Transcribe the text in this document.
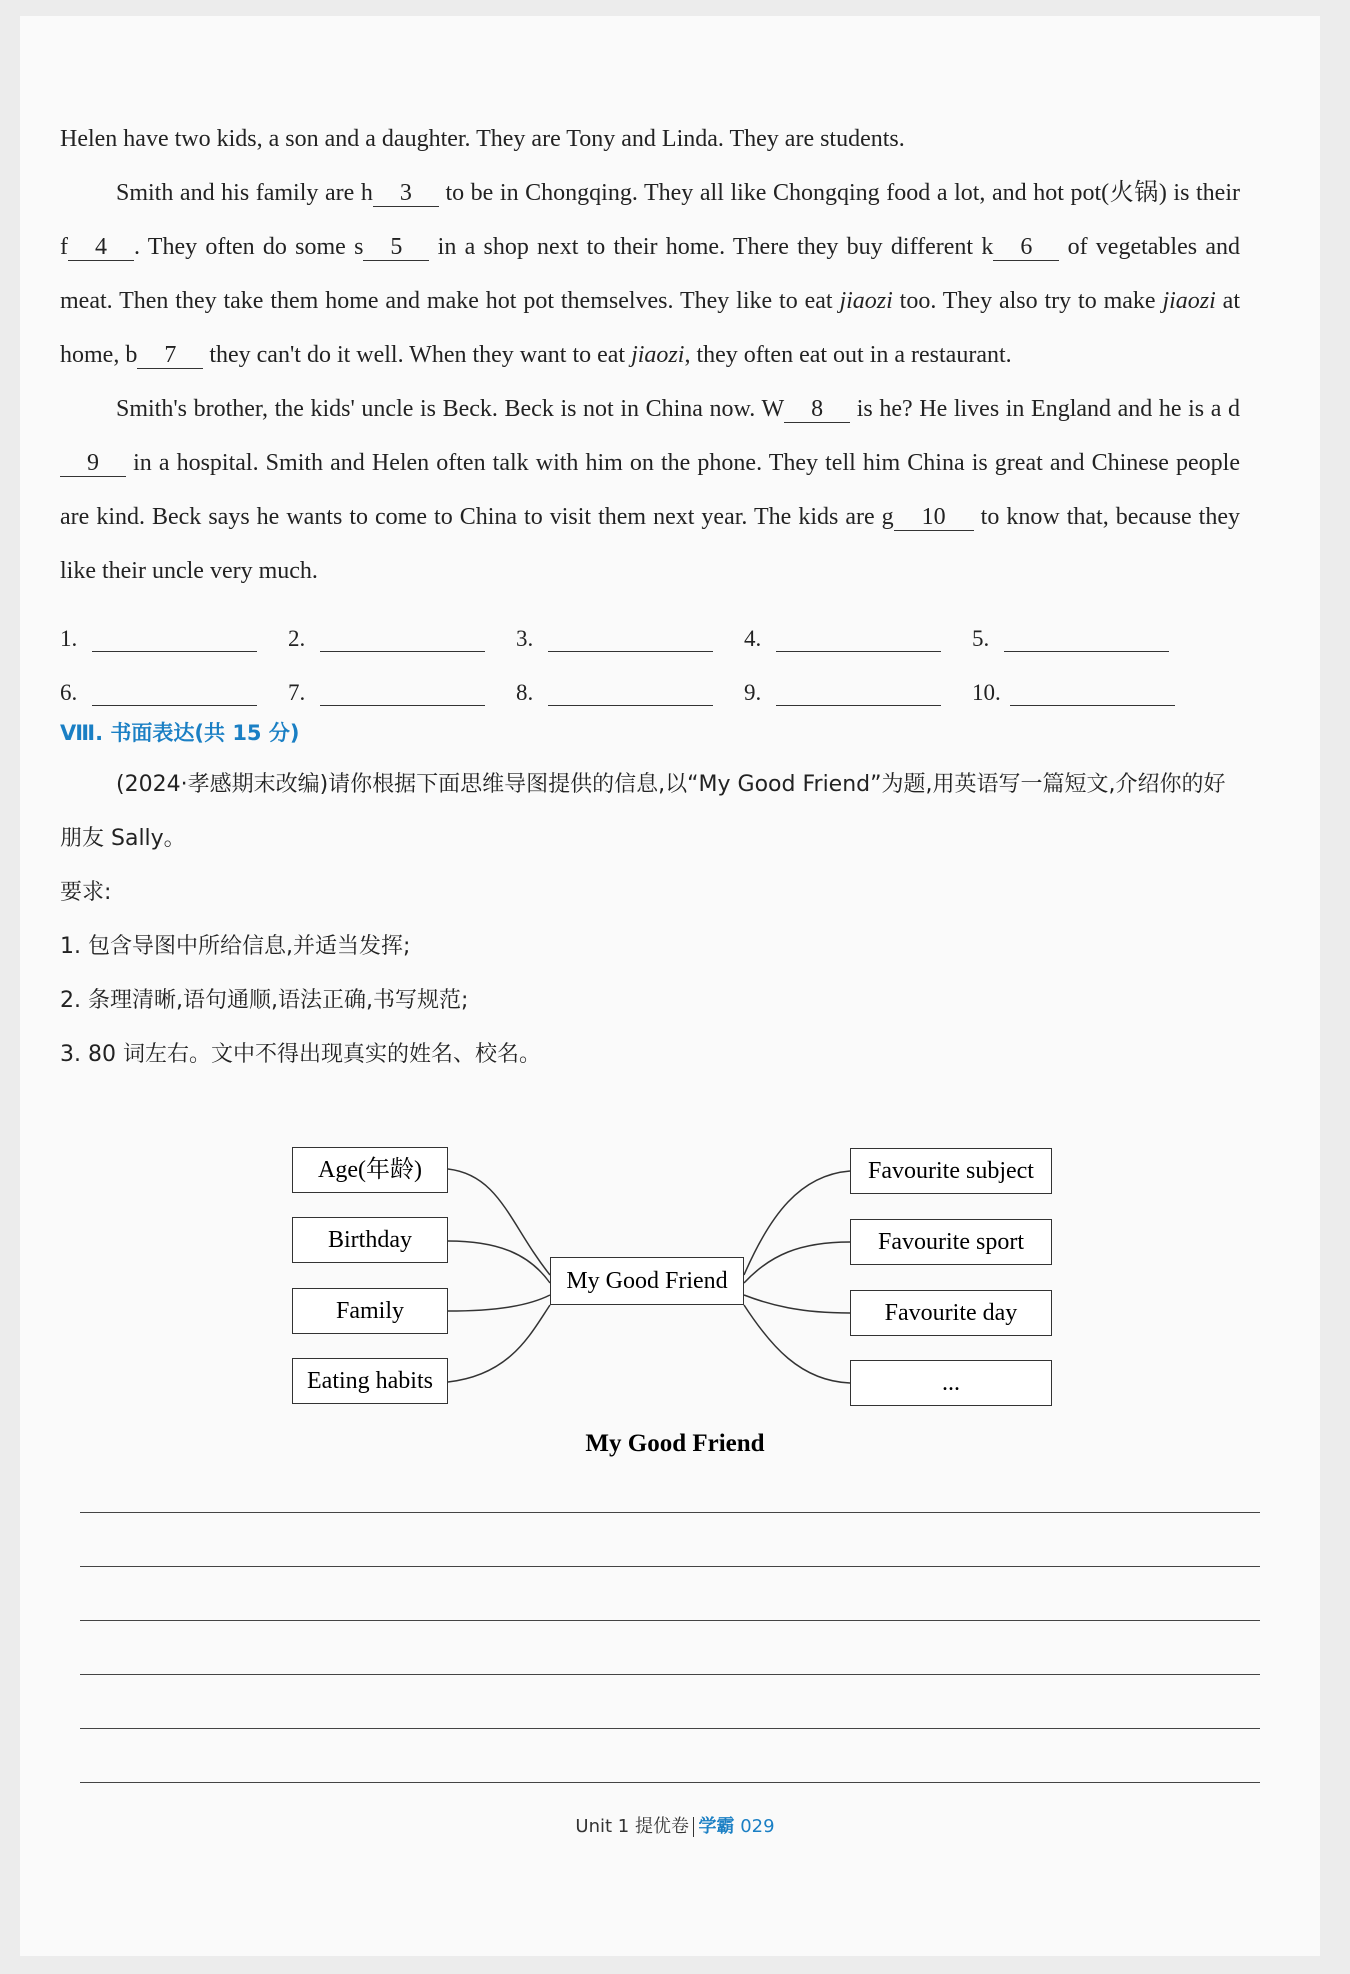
Helen have two kids, a son and a daughter. They are Tony and Linda. They are students.

Smith and his family are h 3 to be in Chongqing. They all like Chongqing food a lot, and hot pot(火锅) is their f 4 . They often do some s 5 in a shop next to their home. There they buy different k 6 of vegetables and meat. Then they take them home and make hot pot themselves. They like to eat jiaozi too. They also try to make jiaozi at home, b 7 they can't do it well. When they want to eat jiaozi, they often eat out in a restaurant.

Smith's brother, the kids' uncle is Beck. Beck is not in China now. W 8 is he? He lives in England and he is a d9 in a hospital. Smith and Helen often talk with him on the phone. They tell him China is great and Chinese people are kind. Beck says he wants to come to China to visit them next year. The kids are g 10 to know that, because they like their uncle very much.

1.	2.	3.	4.	5.
6.	7.	8.	9.	10.
Ⅷ. 书面表达(共 15 分)

(2024·孝感期末改编)请你根据下面思维导图提供的信息,以“My Good Friend”为题,用英语写一篇短文,介绍你的好朋友 Sally。

要求:

1. 包含导图中所给信息,并适当发挥;

2. 条理清晰,语句通顺,语法正确,书写规范;

3. 80 词左右。文中不得出现真实的姓名、校名。

Age(年龄)
Birthday
Family
Eating habits
My Good Friend
Favourite subject
Favourite sport
Favourite day
...
My Good Friend
Unit 1 提优卷 学霸 029
